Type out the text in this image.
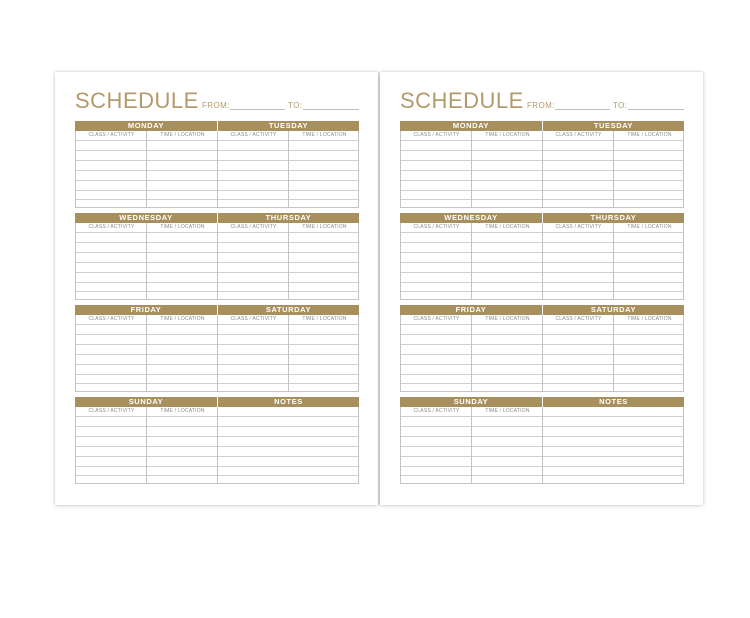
SCHEDULE FROM:	TO:
MONDAY	TUESDAY
CLASS / ACTIVITY	TIME / LOCATION	CLASS / ACTIVITY	TIME / LOCATION
WEDNESDAY	THURSDAY
CLASS / ACTIVITY	TIME / LOCATION	CLASS / ACTIVITY	TIME / LOCATION
FRIDAY	SATURDAY
CLASS / ACTIVITY	TIME / LOCATION	CLASS / ACTIVITY	TIME / LOCATION
SUNDAY	NOTES
CLASS / ACTIVITY	TIME / LOCATION
SCHEDULE FROM:	TO:
MONDAY	TUESDAY
CLASS / ACTIVITY	TIME / LOCATION	CLASS / ACTIVITY	TIME / LOCATION
WEDNESDAY	THURSDAY
CLASS / ACTIVITY	TIME / LOCATION	CLASS / ACTIVITY	TIME / LOCATION
FRIDAY	SATURDAY
CLASS / ACTIVITY	TIME / LOCATION	CLASS / ACTIVITY	TIME / LOCATION
SUNDAY	NOTES
CLASS / ACTIVITY	TIME / LOCATION
